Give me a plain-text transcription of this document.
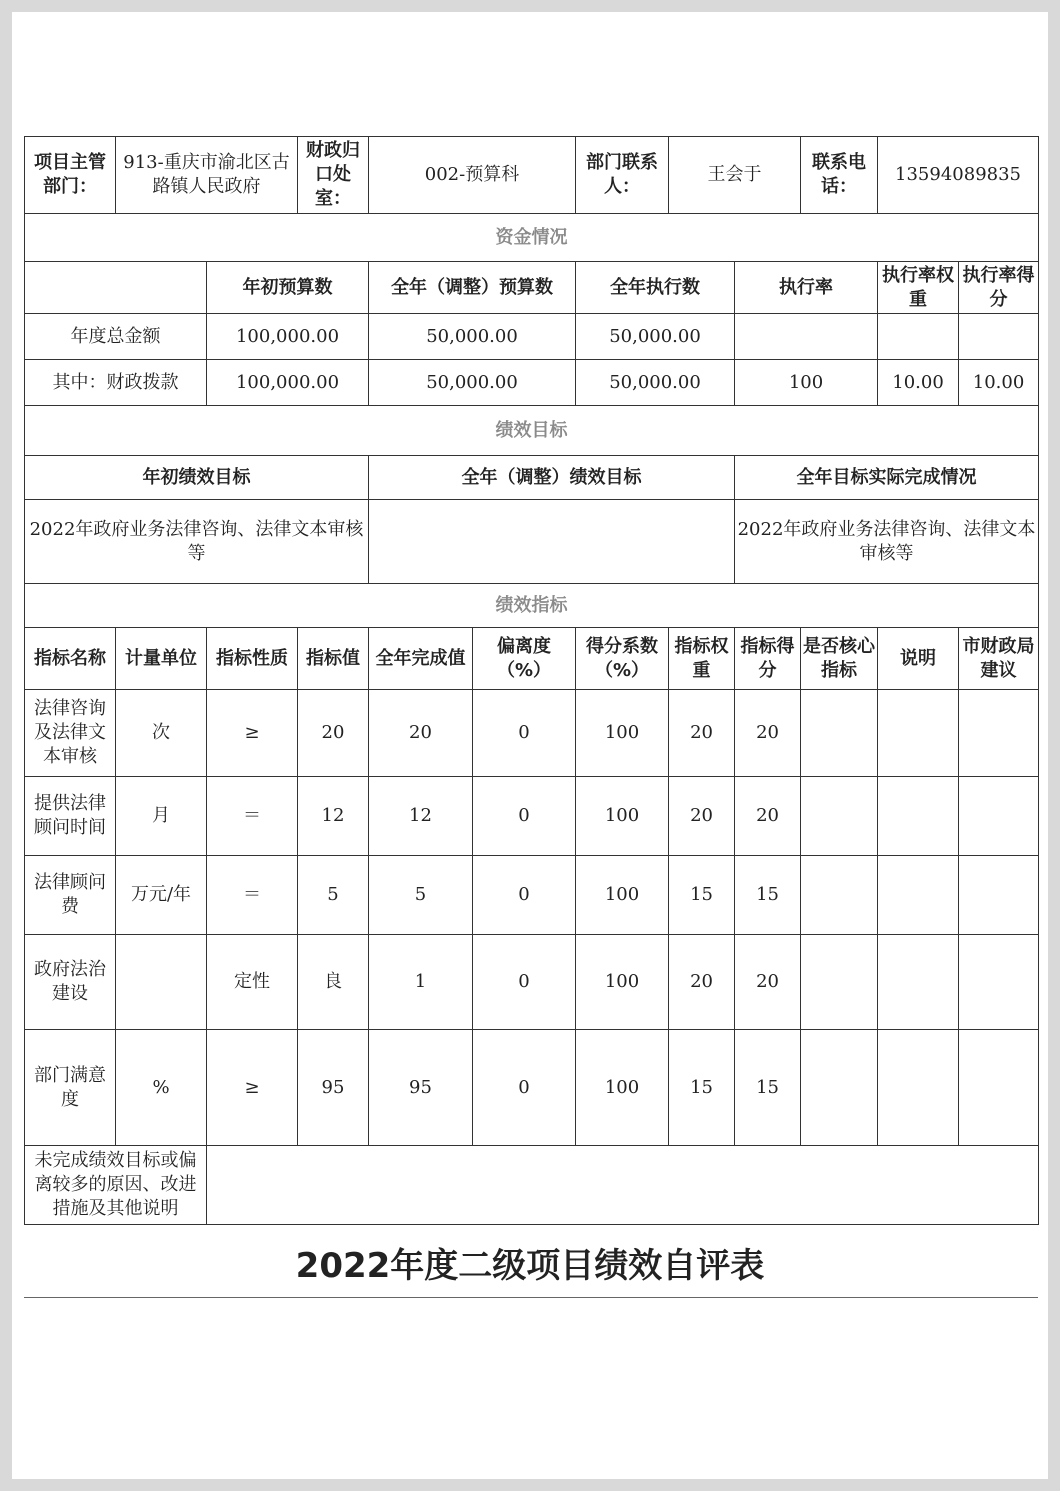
项目主管部门：	913-重庆市渝北区古路镇人民政府		财政归口处室：	002-预算科		部门联系人：	王会于		联系电话：	13594089835	
资金情况											
		年初预算数		全年（调整）预算数		全年执行数		执行率		执行率权重	执行率得分
年度总金额		100,000.00		50,000.00		50,000.00					
其中：财政拨款		100,000.00		50,000.00		50,000.00		100		10.00	10.00
绩效目标											
年初绩效目标				全年（调整）绩效目标				全年目标实际完成情况			
2022年政府业务法律咨询、法律文本审核等								2022年政府业务法律咨询、法律文本审核等			
绩效指标											
指标名称	计量单位	指标性质	指标值	全年完成值	偏离度（%）	得分系数（%）	指标权重	指标得分	是否核心指标	说明	市财政局建议
法律咨询及法律文本审核	次	≥	20	20	0	100	20	20			
提供法律顾问时间	月	＝	12	12	0	100	20	20			
法律顾问费	万元/年	＝	5	5	0	100	15	15			
政府法治建设		定性	良	1	0	100	20	20			
部门满意度	%	≥	95	95	0	100	15	15			
未完成绩效目标或偏离较多的原因、改进措施及其他说明											
2022年度二级项目绩效自评表
